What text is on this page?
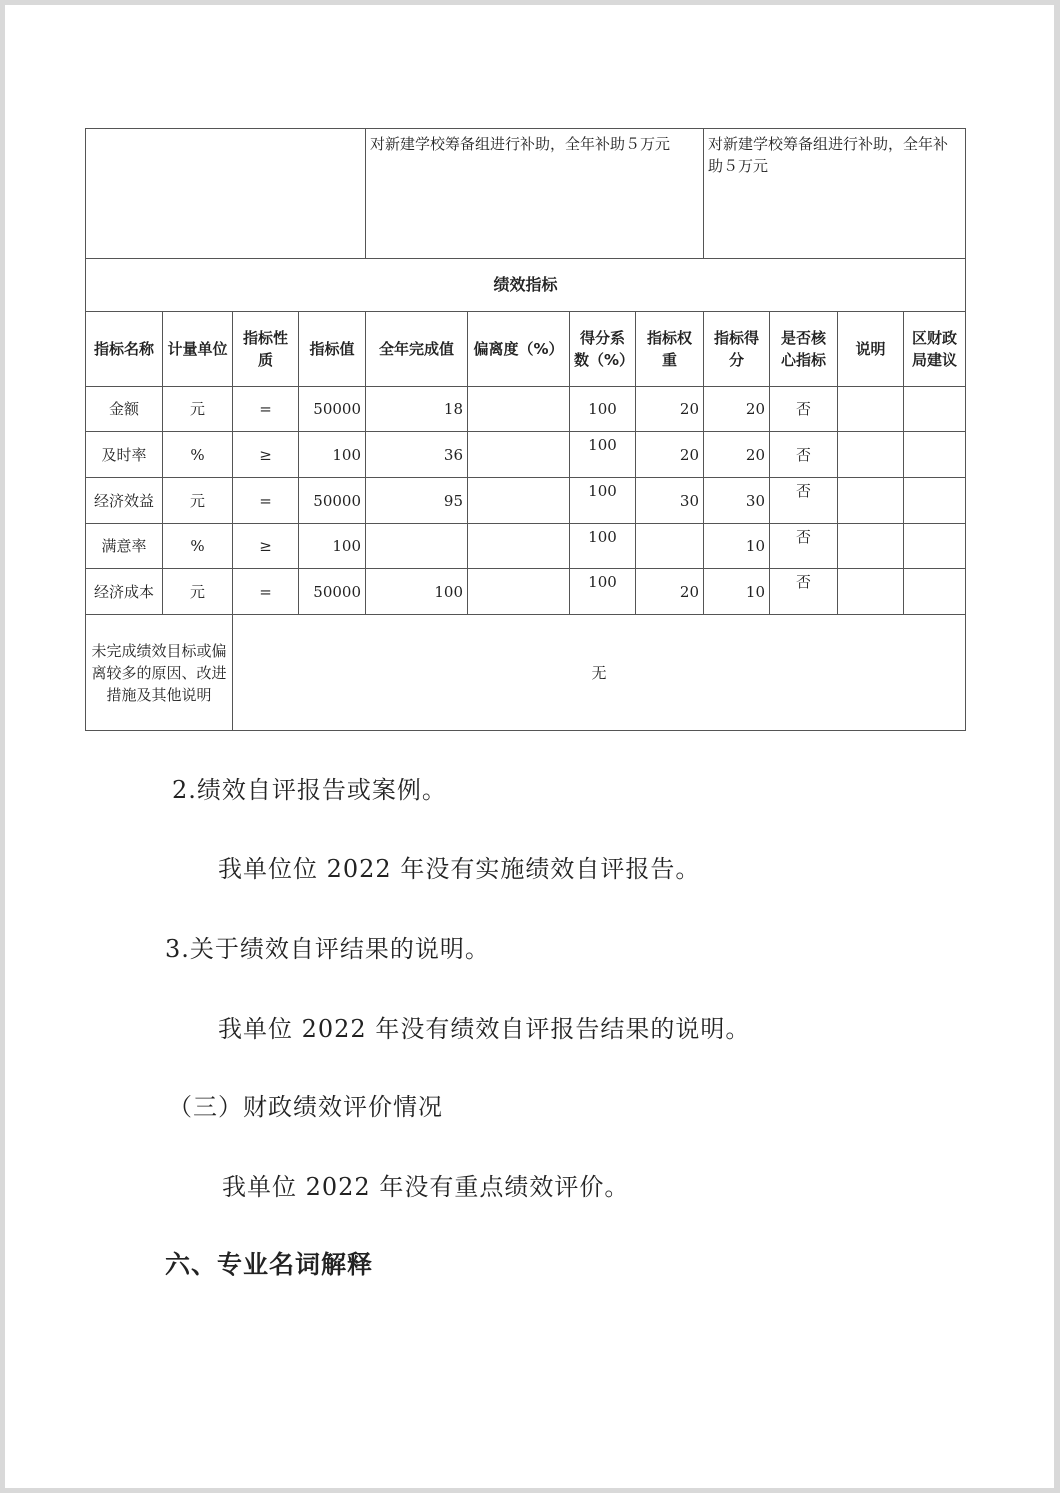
				对新建学校筹备组进行补助，全年补助５万元				对新建学校筹备组进行补助，全年补助５万元			
绩效指标											
指标名称	计量单位	指标性质	指标值	全年完成值	偏离度（%）	得分系数（%）	指标权重	指标得分	是否核心指标	说明	区财政局建议
金额	元	=	50000	18		100	20	20	否		
及时率	%	≥	100	36		100	20	20	否		
经济效益	元	=	50000	95		100	30	30	否		
满意率	%	≥	100			100		10	否		
经济成本	元	=	50000	100		100	20	10	否		
未完成绩效目标或偏离较多的原因、改进措施及其他说明		无									
2.绩效自评报告或案例。
我单位位 2022 年没有实施绩效自评报告。
3.关于绩效自评结果的说明。
我单位 2022 年没有绩效自评报告结果的说明。
（三）财政绩效评价情况
我单位 2022 年没有重点绩效评价。
六、专业名词解释
